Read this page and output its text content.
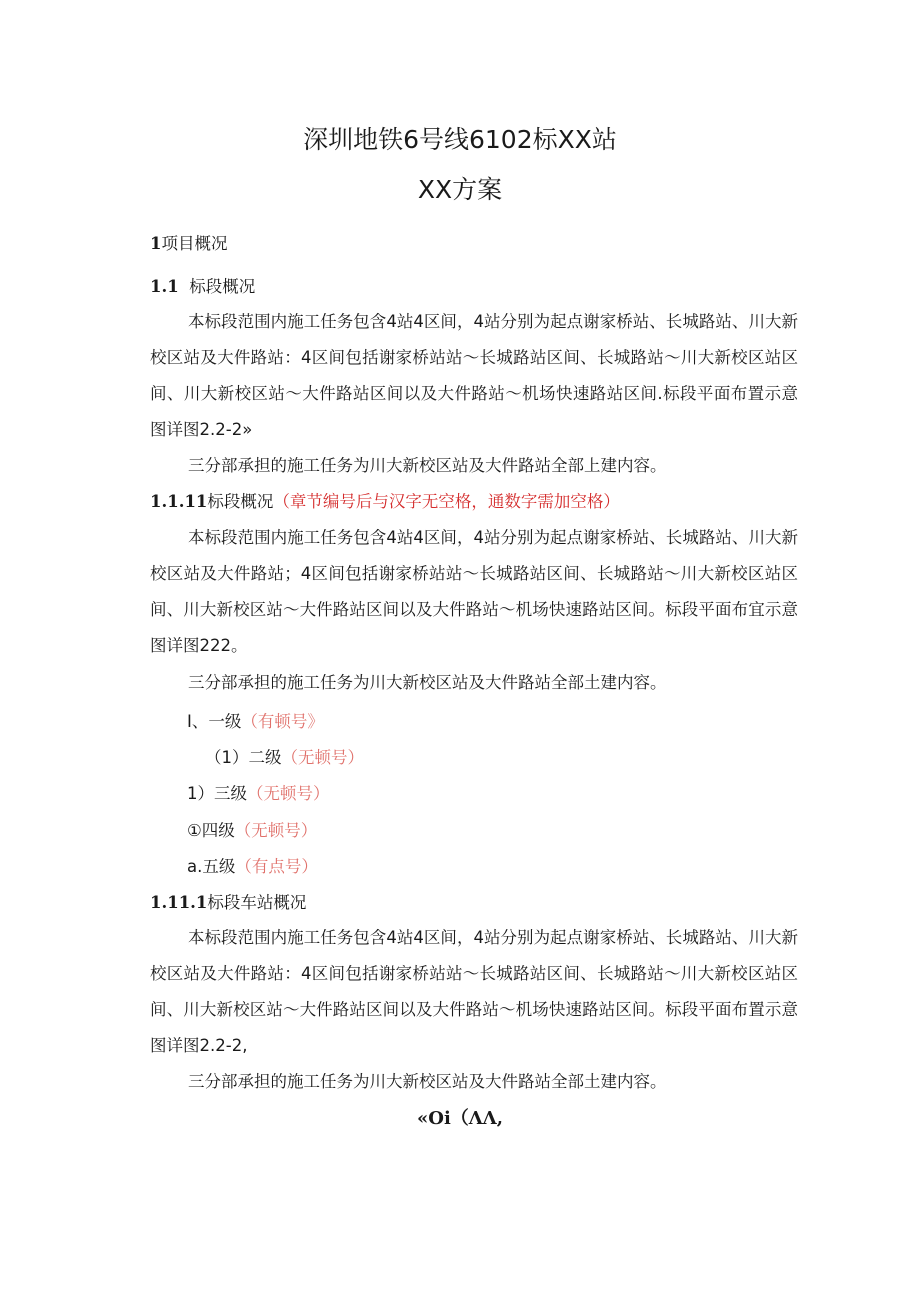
深圳地铁6号线6102标XX站
XX方案
1项目概况
1.1 标段概况
本标段范围内施工任务包含4站4区间，4站分别为起点谢家桥站、长城路站、川大新校区站及大件路站：4区间包括谢家桥站站〜长城路站区间、长城路站〜川大新校区站区间、川大新校区站〜大件路站区间以及大件路站〜机场快速路站区间.标段平面布置示意图详图2.2-2»
三分部承担的施工任务为川大新校区站及大件路站全部上建内容。
1.1.11标段概况（章节编号后与汉字无空格，通数字需加空格）
本标段范围内施工任务包含4站4区间，4站分别为起点谢家桥站、长城路站、川大新校区站及大件路站；4区间包括谢家桥站站〜长城路站区间、长城路站〜川大新校区站区间、川大新校区站〜大件路站区间以及大件路站〜机场快速路站区间。标段平面布宜示意图详图222。
三分部承担的施工任务为川大新校区站及大件路站全部土建内容。
I、一级（有顿号》
（1）二级（无顿号）
1）三级（无顿号）
①四级（无顿号）
a.五级（有点号）
1.11.1标段车站概况
本标段范围内施工任务包含4站4区间，4站分别为起点谢家桥站、长城路站、川大新校区站及大件路站：4区间包括谢家桥站站〜长城路站区间、长城路站〜川大新校区站区间、川大新校区站〜大件路站区间以及大件路站〜机场快速路站区间。标段平面布置示意图详图2.2-2,
三分部承担的施工任务为川大新校区站及大件路站全部土建内容。
«Oi（ΛΛ,
